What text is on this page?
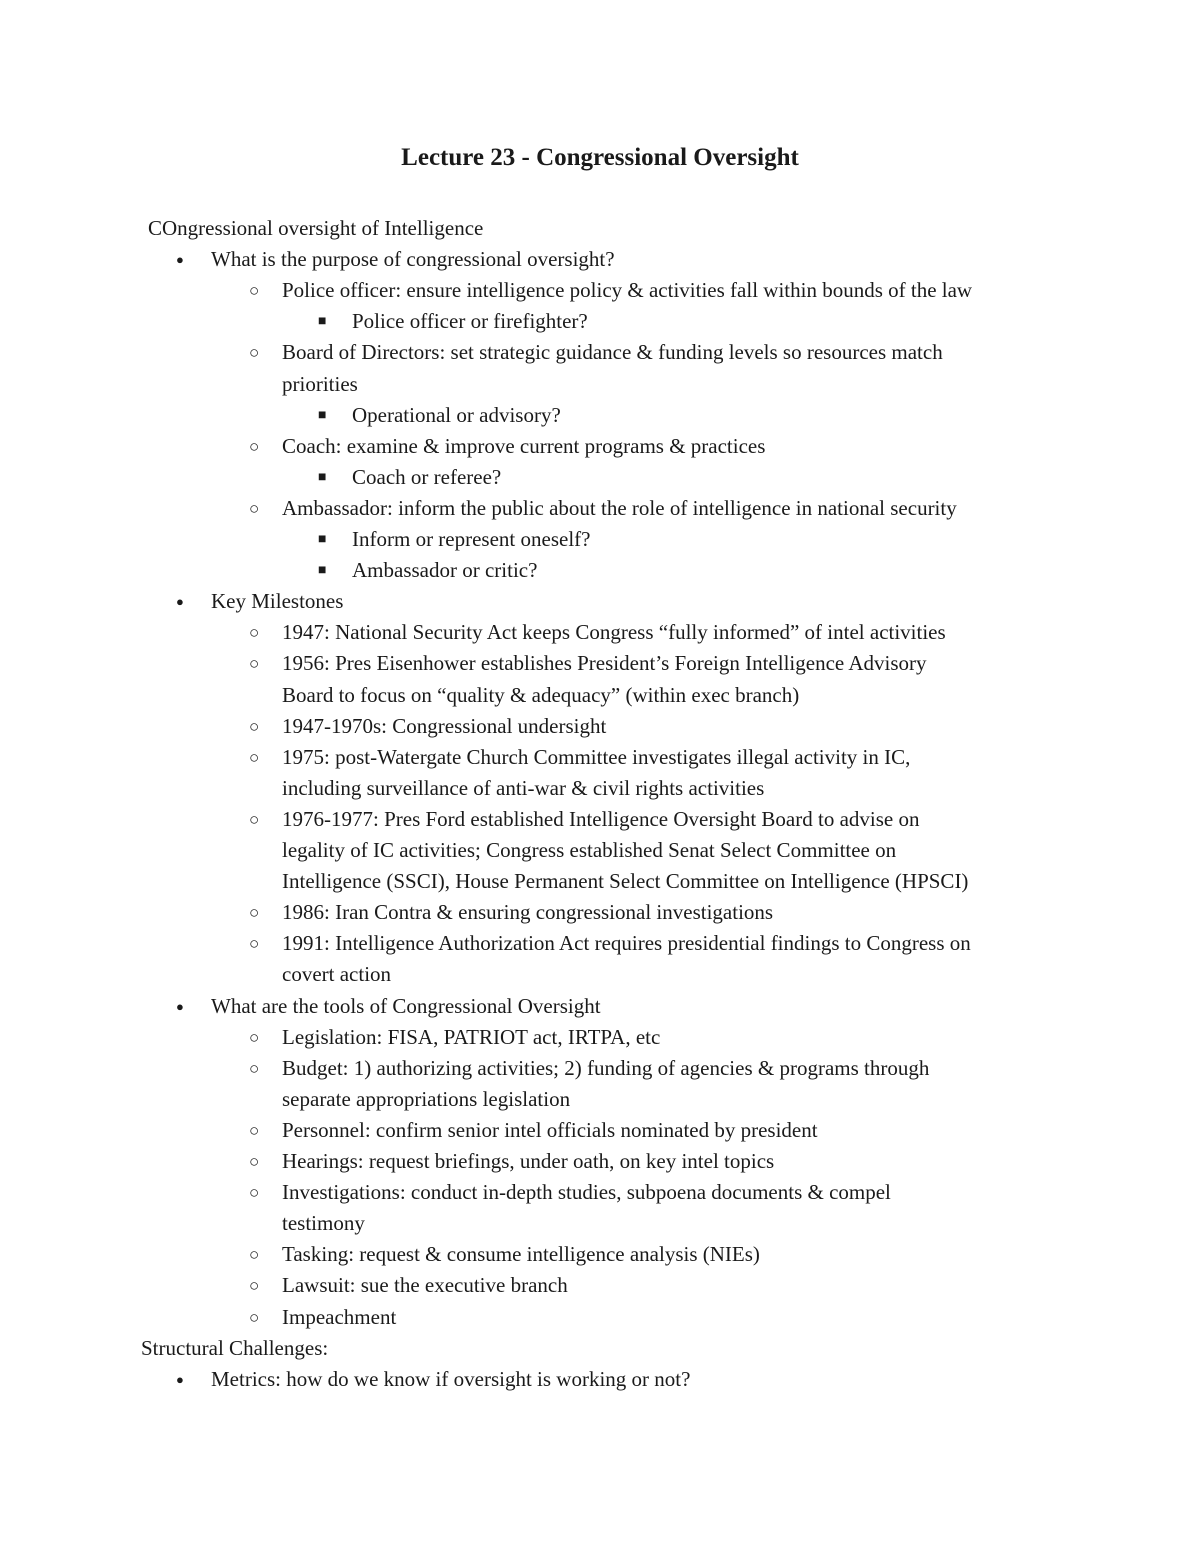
Lecture 23 - Congressional Oversight
COngressional oversight of Intelligence
● What is the purpose of congressional oversight?
○ Police officer: ensure intelligence policy & activities fall within bounds of the law
■ Police officer or firefighter?
○ Board of Directors: set strategic guidance & funding levels so resources match
priorities
■ Operational or advisory?
○ Coach: examine & improve current programs & practices
■ Coach or referee?
○ Ambassador: inform the public about the role of intelligence in national security
■ Inform or represent oneself?
■ Ambassador or critic?
● Key Milestones
○ 1947: National Security Act keeps Congress “fully informed” of intel activities
○ 1956: Pres Eisenhower establishes President’s Foreign Intelligence Advisory
Board to focus on “quality & adequacy” (within exec branch)
○ 1947-1970s: Congressional undersight
○ 1975: post-Watergate Church Committee investigates illegal activity in IC,
including surveillance of anti-war & civil rights activities
○ 1976-1977: Pres Ford established Intelligence Oversight Board to advise on
legality of IC activities; Congress established Senat Select Committee on
Intelligence (SSCI), House Permanent Select Committee on Intelligence (HPSCI)
○ 1986: Iran Contra & ensuring congressional investigations
○ 1991: Intelligence Authorization Act requires presidential findings to Congress on
covert action
● What are the tools of Congressional Oversight
○ Legislation: FISA, PATRIOT act, IRTPA, etc
○ Budget: 1) authorizing activities; 2) funding of agencies & programs through
separate appropriations legislation
○ Personnel: confirm senior intel officials nominated by president
○ Hearings: request briefings, under oath, on key intel topics
○ Investigations: conduct in-depth studies, subpoena documents & compel
testimony
○ Tasking: request & consume intelligence analysis (NIEs)
○ Lawsuit: sue the executive branch
○ Impeachment
Structural Challenges:
● Metrics: how do we know if oversight is working or not?
